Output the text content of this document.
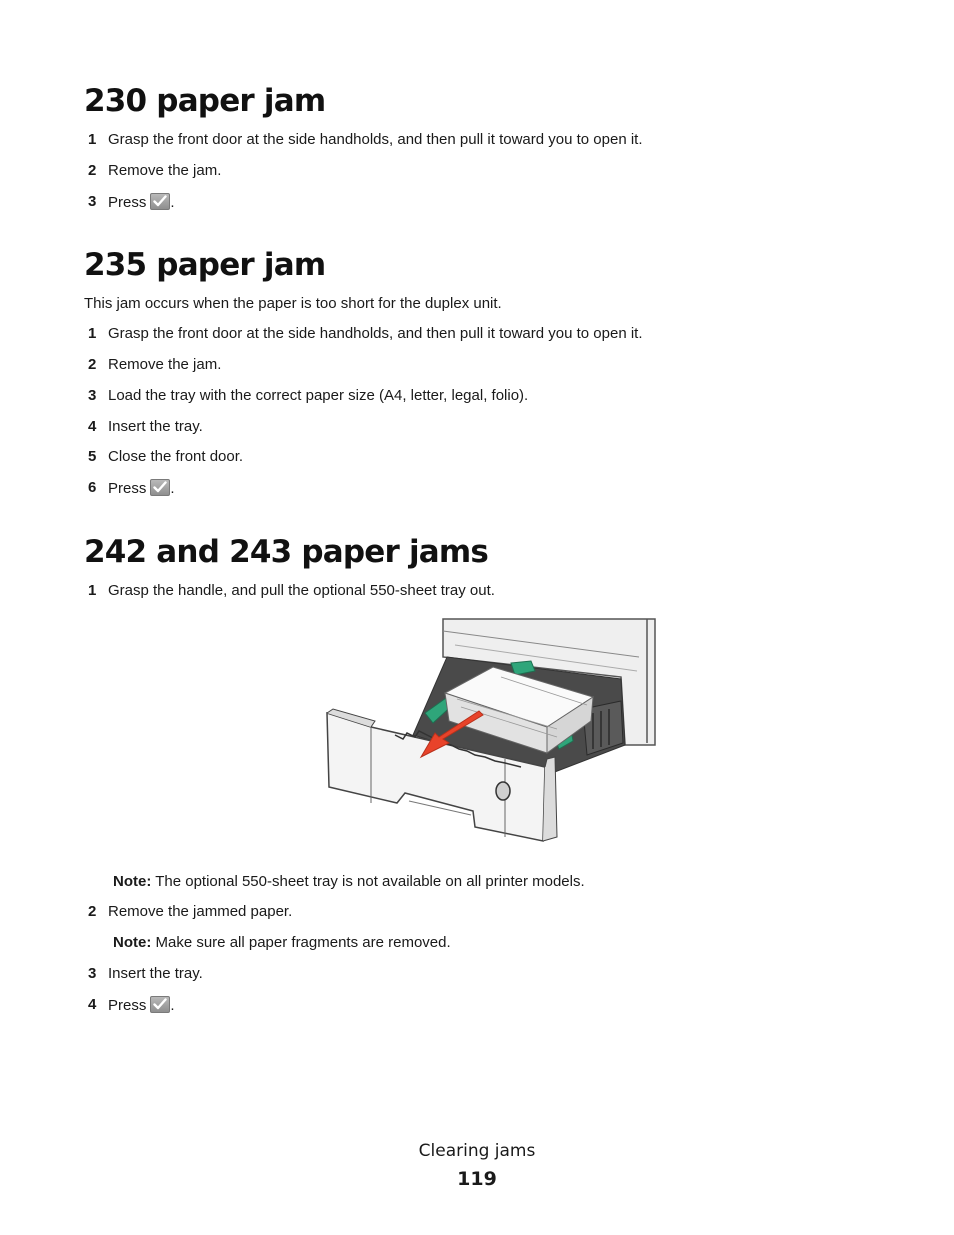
230 paper jam
1 Grasp the front door at the side handholds, and then pull it toward you to open it.
2 Remove the jam.
3 Press .
235 paper jam
This jam occurs when the paper is too short for the duplex unit.
1 Grasp the front door at the side handholds, and then pull it toward you to open it.
2 Remove the jam.
3 Load the tray with the correct paper size (A4, letter, legal, folio).
4 Insert the tray.
5 Close the front door.
6 Press .
242 and 243 paper jams
1 Grasp the handle, and pull the optional 550-sheet tray out.
Note: The optional 550-sheet tray is not available on all printer models.
2 Remove the jammed paper.
Note: Make sure all paper fragments are removed.
3 Insert the tray.
4 Press .
Clearing jams
119
